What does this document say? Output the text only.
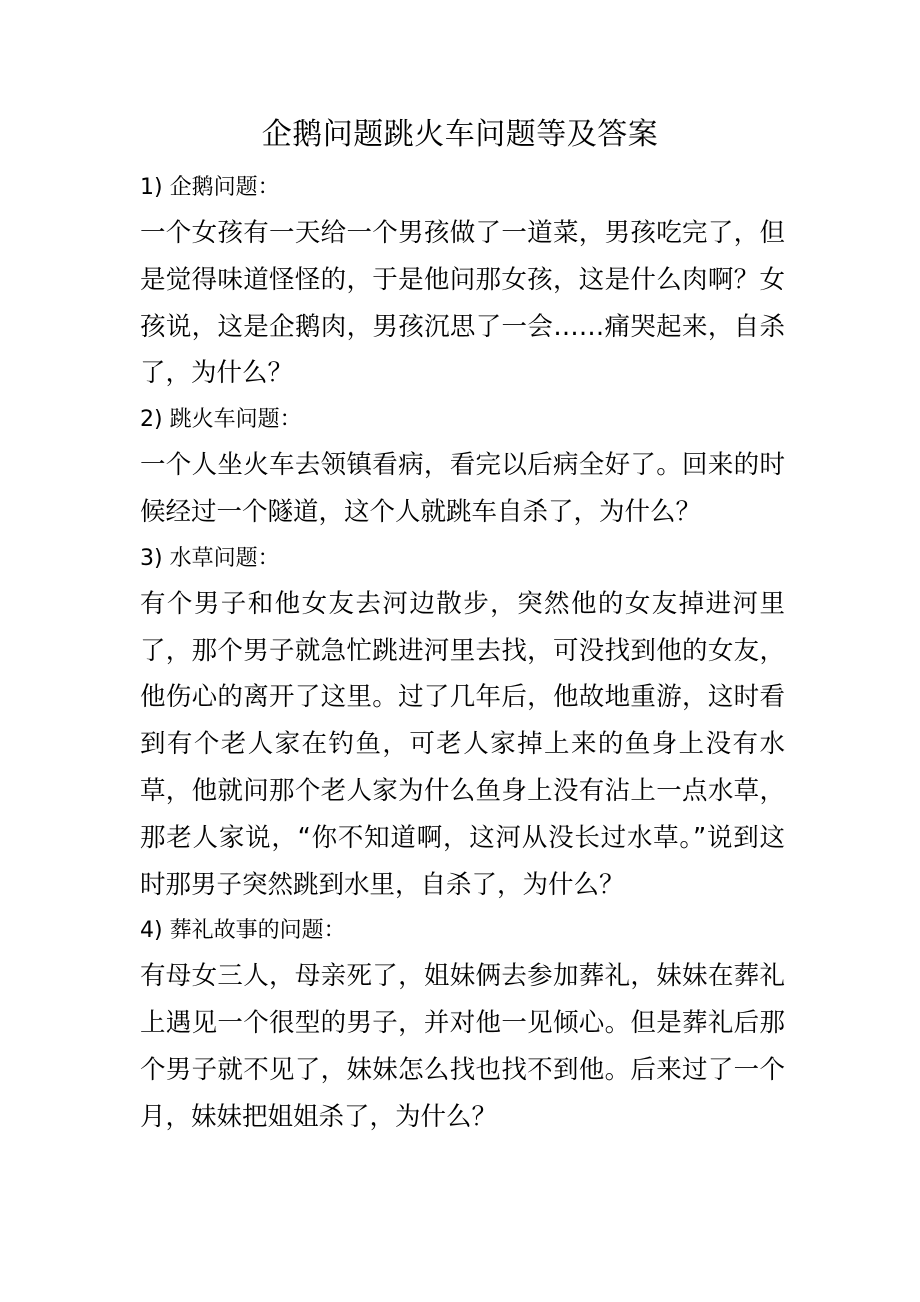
企鹅问题跳火车问题等及答案

1) 企鹅问题：

一个女孩有一天给一个男孩做了一道菜，男孩吃完了，但是觉得味道怪怪的，于是他问那女孩，这是什么肉啊？女孩说，这是企鹅肉，男孩沉思了一会……痛哭起来，自杀了，为什么？

2) 跳火车问题：

一个人坐火车去领镇看病，看完以后病全好了。回来的时候经过一个隧道，这个人就跳车自杀了，为什么？

3) 水草问题：

有个男子和他女友去河边散步，突然他的女友掉进河里了，那个男子就急忙跳进河里去找，可没找到他的女友，他伤心的离开了这里。过了几年后，他故地重游，这时看到有个老人家在钓鱼，可老人家掉上来的鱼身上没有水草，他就问那个老人家为什么鱼身上没有沾上一点水草，那老人家说，“你不知道啊，这河从没长过水草。”说到这时那男子突然跳到水里，自杀了，为什么？

4) 葬礼故事的问题：

有母女三人，母亲死了，姐妹俩去参加葬礼，妹妹在葬礼上遇见一个很型的男子，并对他一见倾心。但是葬礼后那个男子就不见了，妹妹怎么找也找不到他。后来过了一个月，妹妹把姐姐杀了，为什么？
